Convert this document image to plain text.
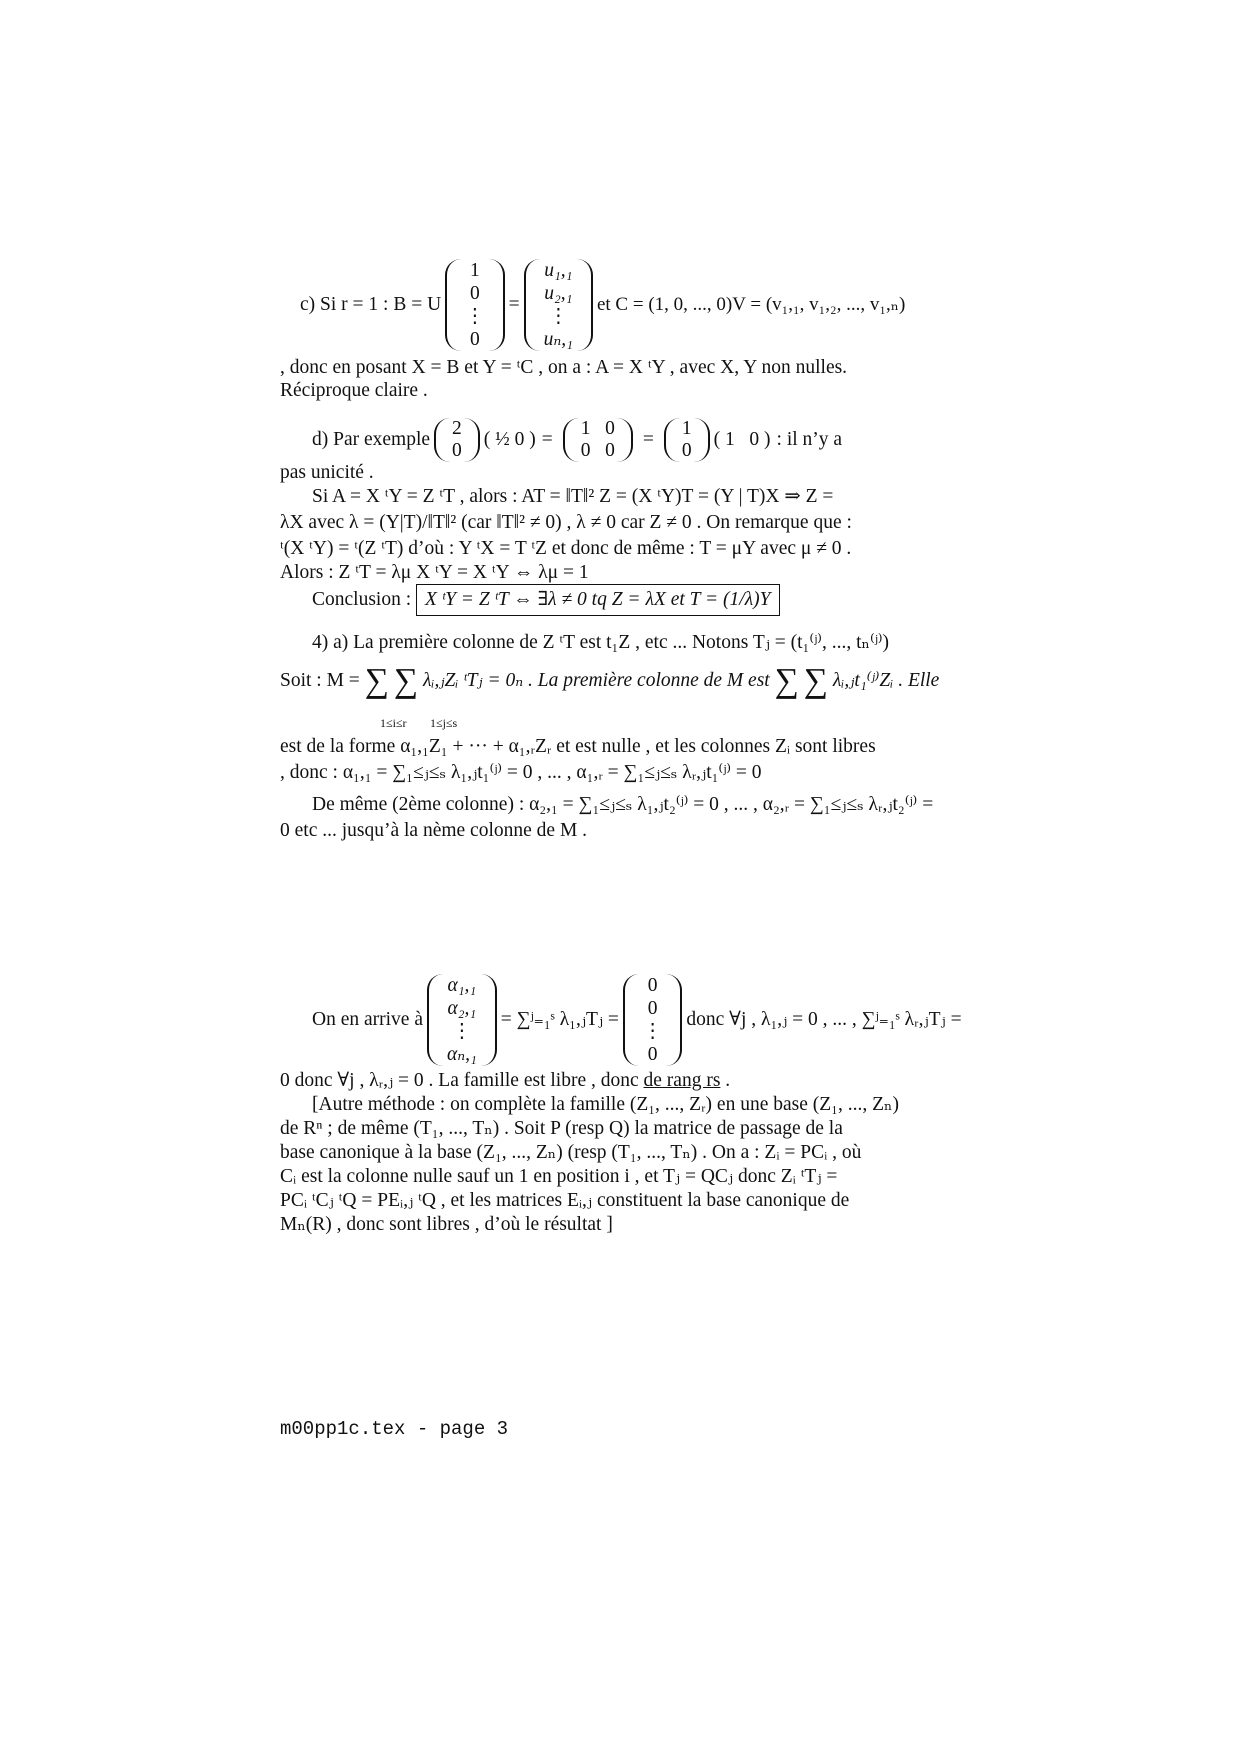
c) Si r = 1 : B = U
1
0
⋮
0
=
u₁,₁
u₂,₁
⋮
uₙ,₁
et C = (1, 0, ..., 0)V = (v₁,₁, v₁,₂, ..., v₁,ₙ)
, donc en posant X = B et Y = ᵗC , on a : A = X ᵗY , avec X, Y non nulles.
Réciproque claire .
d) Par exemple
2
0
( ½ 0 ) =
1   0
0   0
=
1
0
( 1   0 ) : il n’y a
pas unicité .
Si A = X ᵗY = Z ᵗT , alors : AT = ‖T‖² Z = (X ᵗY)T = (Y | T)X ⇒ Z =
λX avec λ = (Y|T)/‖T‖² (car ‖T‖² ≠ 0) , λ ≠ 0 car Z ≠ 0 . On remarque que :
ᵗ(X ᵗY) = ᵗ(Z ᵗT) d’où : Y ᵗX = T ᵗZ et donc de même : T = μY avec μ ≠ 0 .
Alors : Z ᵗT = λμ X ᵗY = X ᵗY ⇔ λμ = 1
Conclusion : X ᵗY = Z ᵗT ⇔ ∃λ ≠ 0 tq Z = λX et T = (1/λ)Y
4) a) La première colonne de Z ᵗT est t₁Z , etc ... Notons Tⱼ = (t₁⁽ʲ⁾, ..., tₙ⁽ʲ⁾)
Soit : M = ∑ ∑ λᵢ,ⱼZᵢ ᵗTⱼ = 0ₙ . La première colonne de M est ∑ ∑ λᵢ,ⱼt₁⁽ʲ⁾Zᵢ . Elle
1≤i≤r 1≤j≤s
est de la forme α₁,₁Z₁ + ··· + α₁,ᵣZᵣ et est nulle , et les colonnes Zᵢ sont libres
, donc : α₁,₁ = ∑₁≤ⱼ≤ₛ λ₁,ⱼt₁⁽ʲ⁾ = 0 , ... , α₁,ᵣ = ∑₁≤ⱼ≤ₛ λᵣ,ⱼt₁⁽ʲ⁾ = 0
De même (2ème colonne) : α₂,₁ = ∑₁≤ⱼ≤ₛ λ₁,ⱼt₂⁽ʲ⁾ = 0 , ... , α₂,ᵣ = ∑₁≤ⱼ≤ₛ λᵣ,ⱼt₂⁽ʲ⁾ =
0 etc ... jusqu’à la nème colonne de M .
On en arrive à
α₁,₁
α₂,₁
⋮
αₙ,₁
= ∑ʲ₌₁ˢ λ₁,ⱼTⱼ =
0
0
⋮
0
donc ∀j , λ₁,ⱼ = 0 , ... , ∑ʲ₌₁ˢ λᵣ,ⱼTⱼ =
0 donc ∀j , λᵣ,ⱼ = 0 . La famille est libre , donc de rang rs .
[Autre méthode : on complète la famille (Z₁, ..., Zᵣ) en une base (Z₁, ..., Zₙ)
de Rⁿ ; de même (T₁, ..., Tₙ) . Soit P (resp Q) la matrice de passage de la
base canonique à la base (Z₁, ..., Zₙ) (resp (T₁, ..., Tₙ) . On a : Zᵢ = PCᵢ , où
Cᵢ est la colonne nulle sauf un 1 en position i , et Tⱼ = QCⱼ donc Zᵢ ᵗTⱼ =
PCᵢ ᵗCⱼ ᵗQ = PEᵢ,ⱼ ᵗQ , et les matrices Eᵢ,ⱼ constituent la base canonique de
Mₙ(R) , donc sont libres , d’où le résultat ]
m00pp1c.tex - page 3
